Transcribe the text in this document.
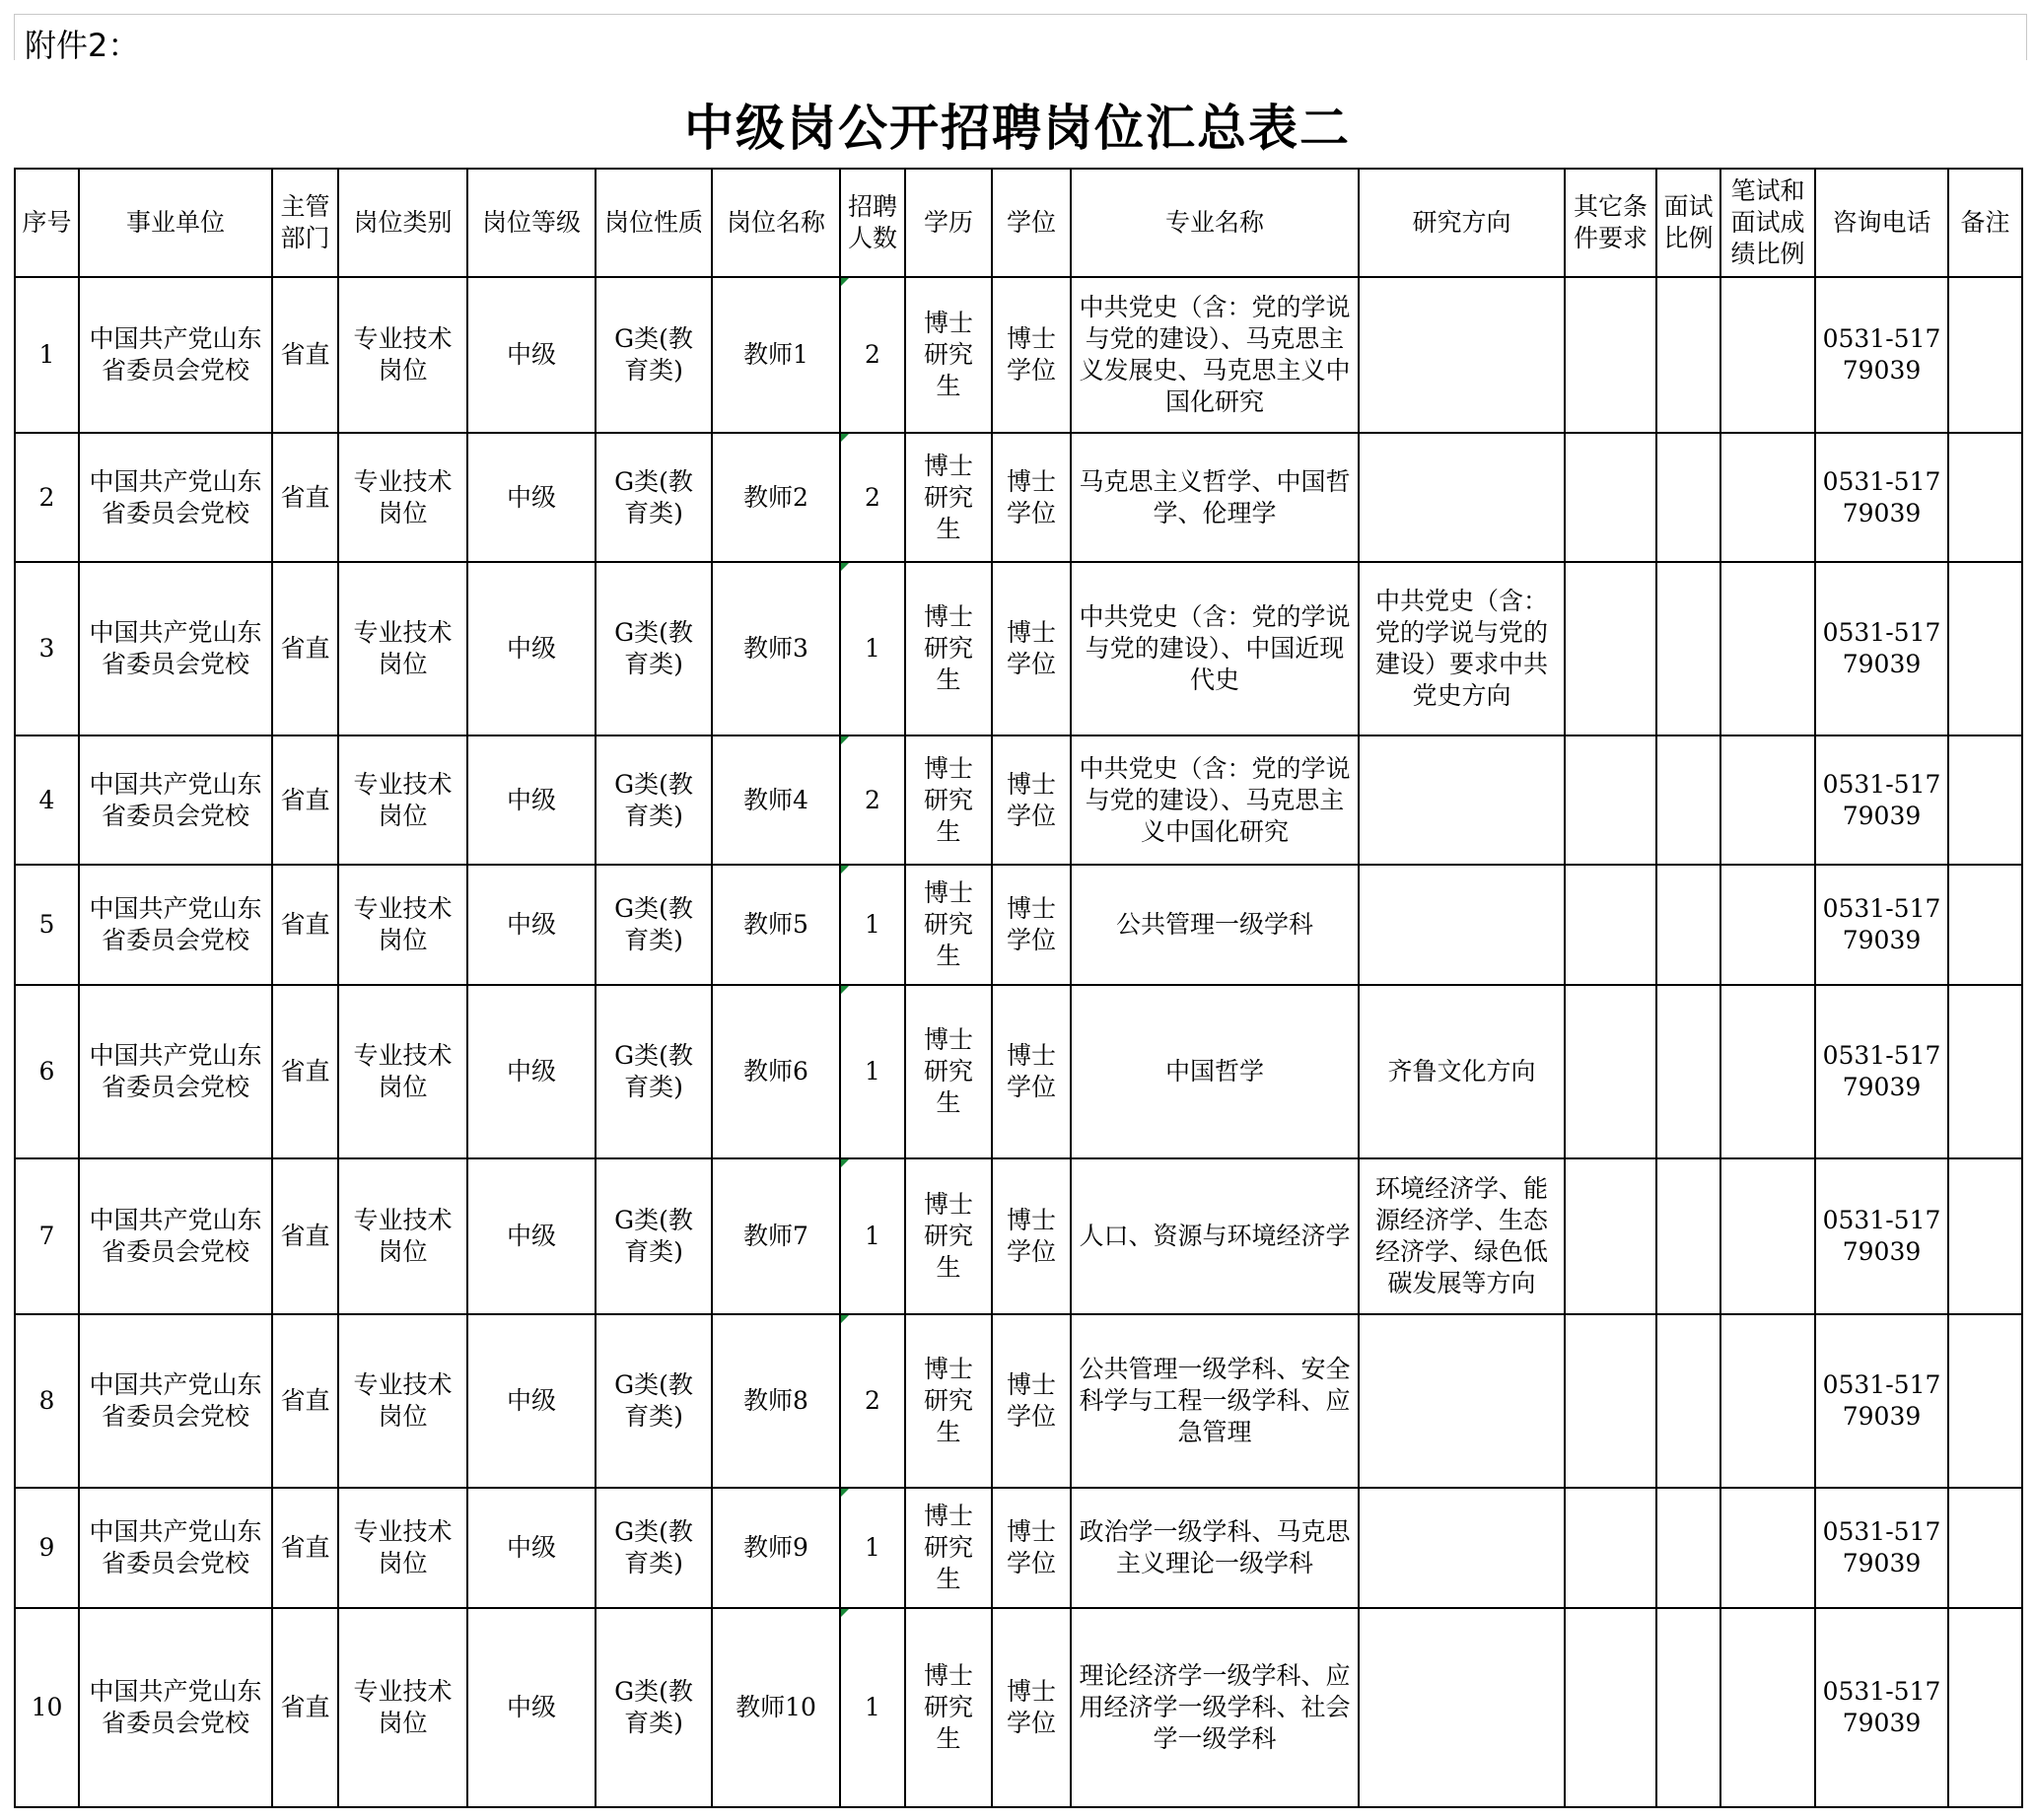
附件2：
中级岗公开招聘岗位汇总表二
序号	事业单位	主管部门	岗位类别	岗位等级	岗位性质	岗位名称	招聘人数	学历	学位	专业名称	研究方向	其它条件要求	面试比例	笔试和面试成绩比例	咨询电话	备注
1	中国共产党山东省委员会党校	省直	专业技术岗位	中级	G类(教育类)	教师1	2	博士研究生	博士学位	中共党史（含：党的学说与党的建设）、马克思主义发展史、马克思主义中国化研究					0531-51779039	
2	中国共产党山东省委员会党校	省直	专业技术岗位	中级	G类(教育类)	教师2	2	博士研究生	博士学位	马克思主义哲学、中国哲学、伦理学					0531-51779039	
3	中国共产党山东省委员会党校	省直	专业技术岗位	中级	G类(教育类)	教师3	1	博士研究生	博士学位	中共党史（含：党的学说与党的建设）、中国近现代史	中共党史（含：党的学说与党的建设）要求中共党史方向				0531-51779039	
4	中国共产党山东省委员会党校	省直	专业技术岗位	中级	G类(教育类)	教师4	2	博士研究生	博士学位	中共党史（含：党的学说与党的建设）、马克思主义中国化研究					0531-51779039	
5	中国共产党山东省委员会党校	省直	专业技术岗位	中级	G类(教育类)	教师5	1	博士研究生	博士学位	公共管理一级学科					0531-51779039	
6	中国共产党山东省委员会党校	省直	专业技术岗位	中级	G类(教育类)	教师6	1	博士研究生	博士学位	中国哲学	齐鲁文化方向				0531-51779039	
7	中国共产党山东省委员会党校	省直	专业技术岗位	中级	G类(教育类)	教师7	1	博士研究生	博士学位	人口、资源与环境经济学	环境经济学、能源经济学、生态经济学、绿色低碳发展等方向				0531-51779039	
8	中国共产党山东省委员会党校	省直	专业技术岗位	中级	G类(教育类)	教师8	2	博士研究生	博士学位	公共管理一级学科、安全科学与工程一级学科、应急管理					0531-51779039	
9	中国共产党山东省委员会党校	省直	专业技术岗位	中级	G类(教育类)	教师9	1	博士研究生	博士学位	政治学一级学科、马克思主义理论一级学科					0531-51779039	
10	中国共产党山东省委员会党校	省直	专业技术岗位	中级	G类(教育类)	教师10	1	博士研究生	博士学位	理论经济学一级学科、应用经济学一级学科、社会学一级学科					0531-51779039	
